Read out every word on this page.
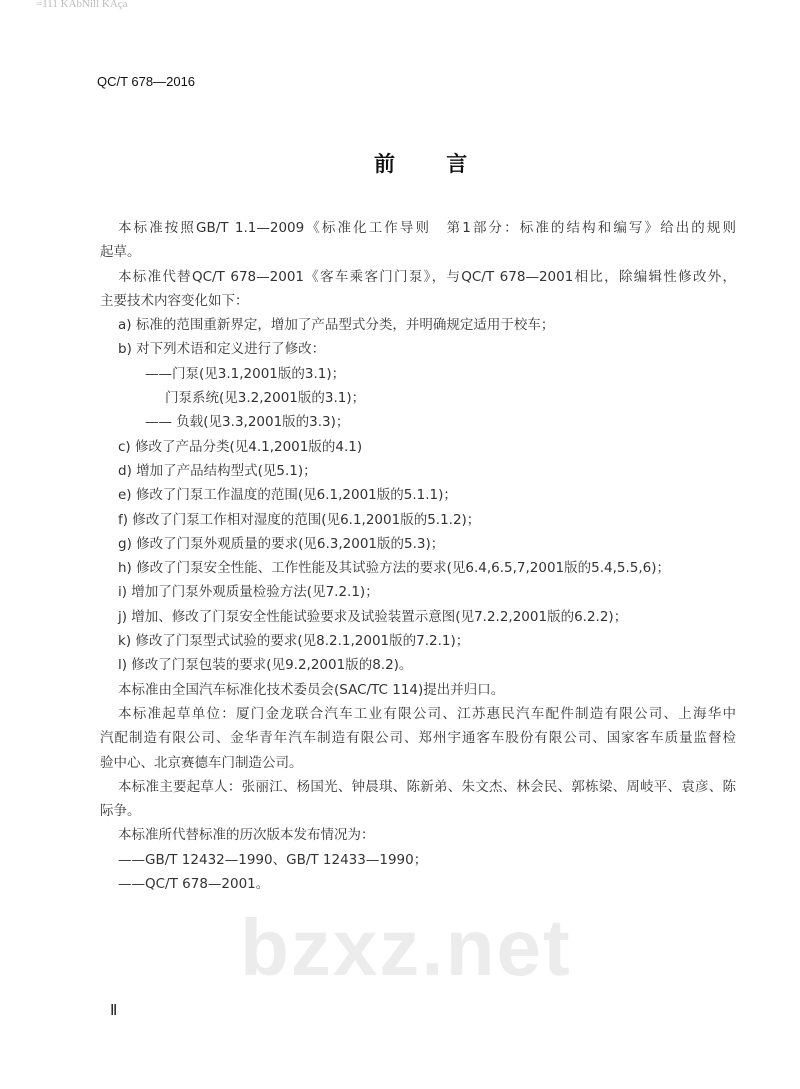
=111 KAbNill KAça
QC/T 678—2016
bzxz.net
前 言
本标准按照GB/T 1.1—2009《标准化工作导则　第1部分：标准的结构和编写》给出的规则
起草。
本标准代替QC/T 678—2001《客车乘客门门泵》，与QC/T 678—2001相比，除编辑性修改外，
主要技术内容变化如下：
a) 标准的范围重新界定，增加了产品型式分类，并明确规定适用于校车；
b) 对下列术语和定义进行了修改：
——门泵(见3.1,2001版的3.1)；
门泵系统(见3.2,2001版的3.1)；
—— 负载(见3.3,2001版的3.3)；
c) 修改了产品分类(见4.1,2001版的4.1)
d) 增加了产品结构型式(见5.1)；
e) 修改了门泵工作温度的范围(见6.1,2001版的5.1.1)；
f) 修改了门泵工作相对湿度的范围(见6.1,2001版的5.1.2)；
g) 修改了门泵外观质量的要求(见6.3,2001版的5.3)；
h) 修改了门泵安全性能、工作性能及其试验方法的要求(见6.4,6.5,7,2001版的5.4,5.5,6)；
i) 增加了门泵外观质量检验方法(见7.2.1)；
j) 增加、修改了门泵安全性能试验要求及试验装置示意图(见7.2.2,2001版的6.2.2)；
k) 修改了门泵型式试验的要求(见8.2.1,2001版的7.2.1)；
l) 修改了门泵包装的要求(见9.2,2001版的8.2)。
本标准由全国汽车标准化技术委员会(SAC/TC 114)提出并归口。
本标准起草单位：厦门金龙联合汽车工业有限公司、江苏惠民汽车配件制造有限公司、上海华中
汽配制造有限公司、金华青年汽车制造有限公司、郑州宇通客车股份有限公司、国家客车质量监督检
验中心、北京赛德车门制造公司。
本标准主要起草人：张丽江、杨国光、钟晨琪、陈新弟、朱文杰、林会民、郭栋梁、周岐平、袁彦、陈
际争。
本标准所代替标准的历次版本发布情况为：
——GB/T 12432—1990、GB/T 12433—1990；
——QC/T 678—2001。
Ⅱ
